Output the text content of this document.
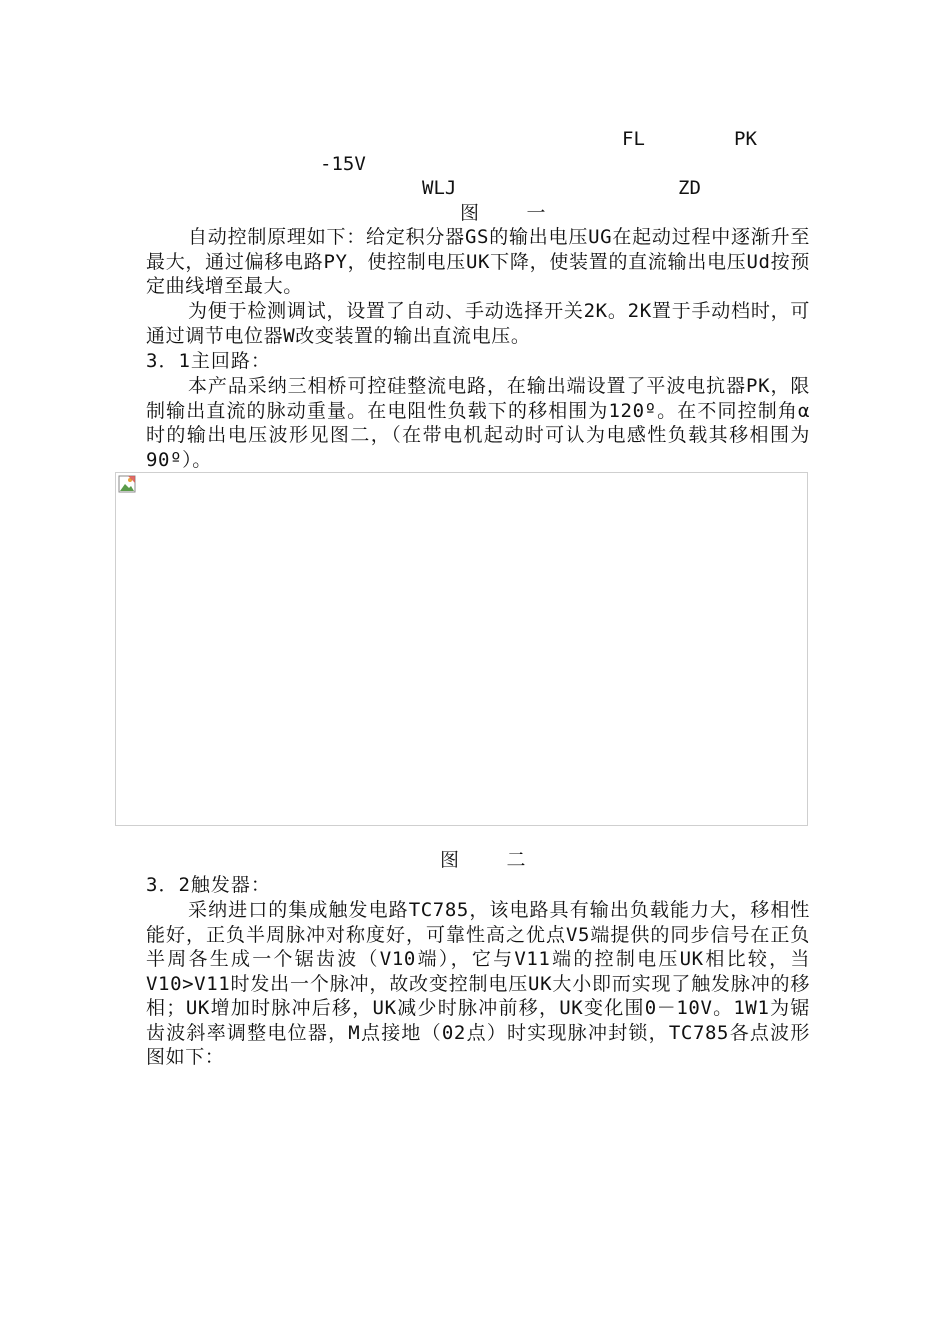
FL	PK
-15V
WLJ	ZD
图 一
自动控制原理如下：给定积分器GS的输出电压UG在起动过程中逐渐升至最大，通过偏移电路PY，使控制电压UK下降，使装置的直流输出电压Ud按预定曲线增至最大。
为便于检测调试，设置了自动、手动选择开关2K。2K置于手动档时，可通过调节电位器W改变装置的输出直流电压。
3．1主回路：
本产品采纳三相桥可控硅整流电路，在输出端设置了平波电抗器PK，限制输出直流的脉动重量。在电阻性负载下的移相围为120º。在不同控制角α时的输出电压波形见图二，（在带电机起动时可认为电感性负载其移相围为90º）。
图 二
3．2触发器：
采纳进口的集成触发电路TC785，该电路具有输出负载能力大，移相性能好，正负半周脉冲对称度好，可靠性高之优点V5端提供的同步信号在正负半周各生成一个锯齿波（V10端），它与V11端的控制电压UK相比较，当V10>V11时发出一个脉冲，故改变控制电压UK大小即而实现了触发脉冲的移相；UK增加时脉冲后移，UK减少时脉冲前移，UK变化围0－10V。1W1为锯齿波斜率调整电位器，M点接地（02点）时实现脉冲封锁，TC785各点波形图如下：
